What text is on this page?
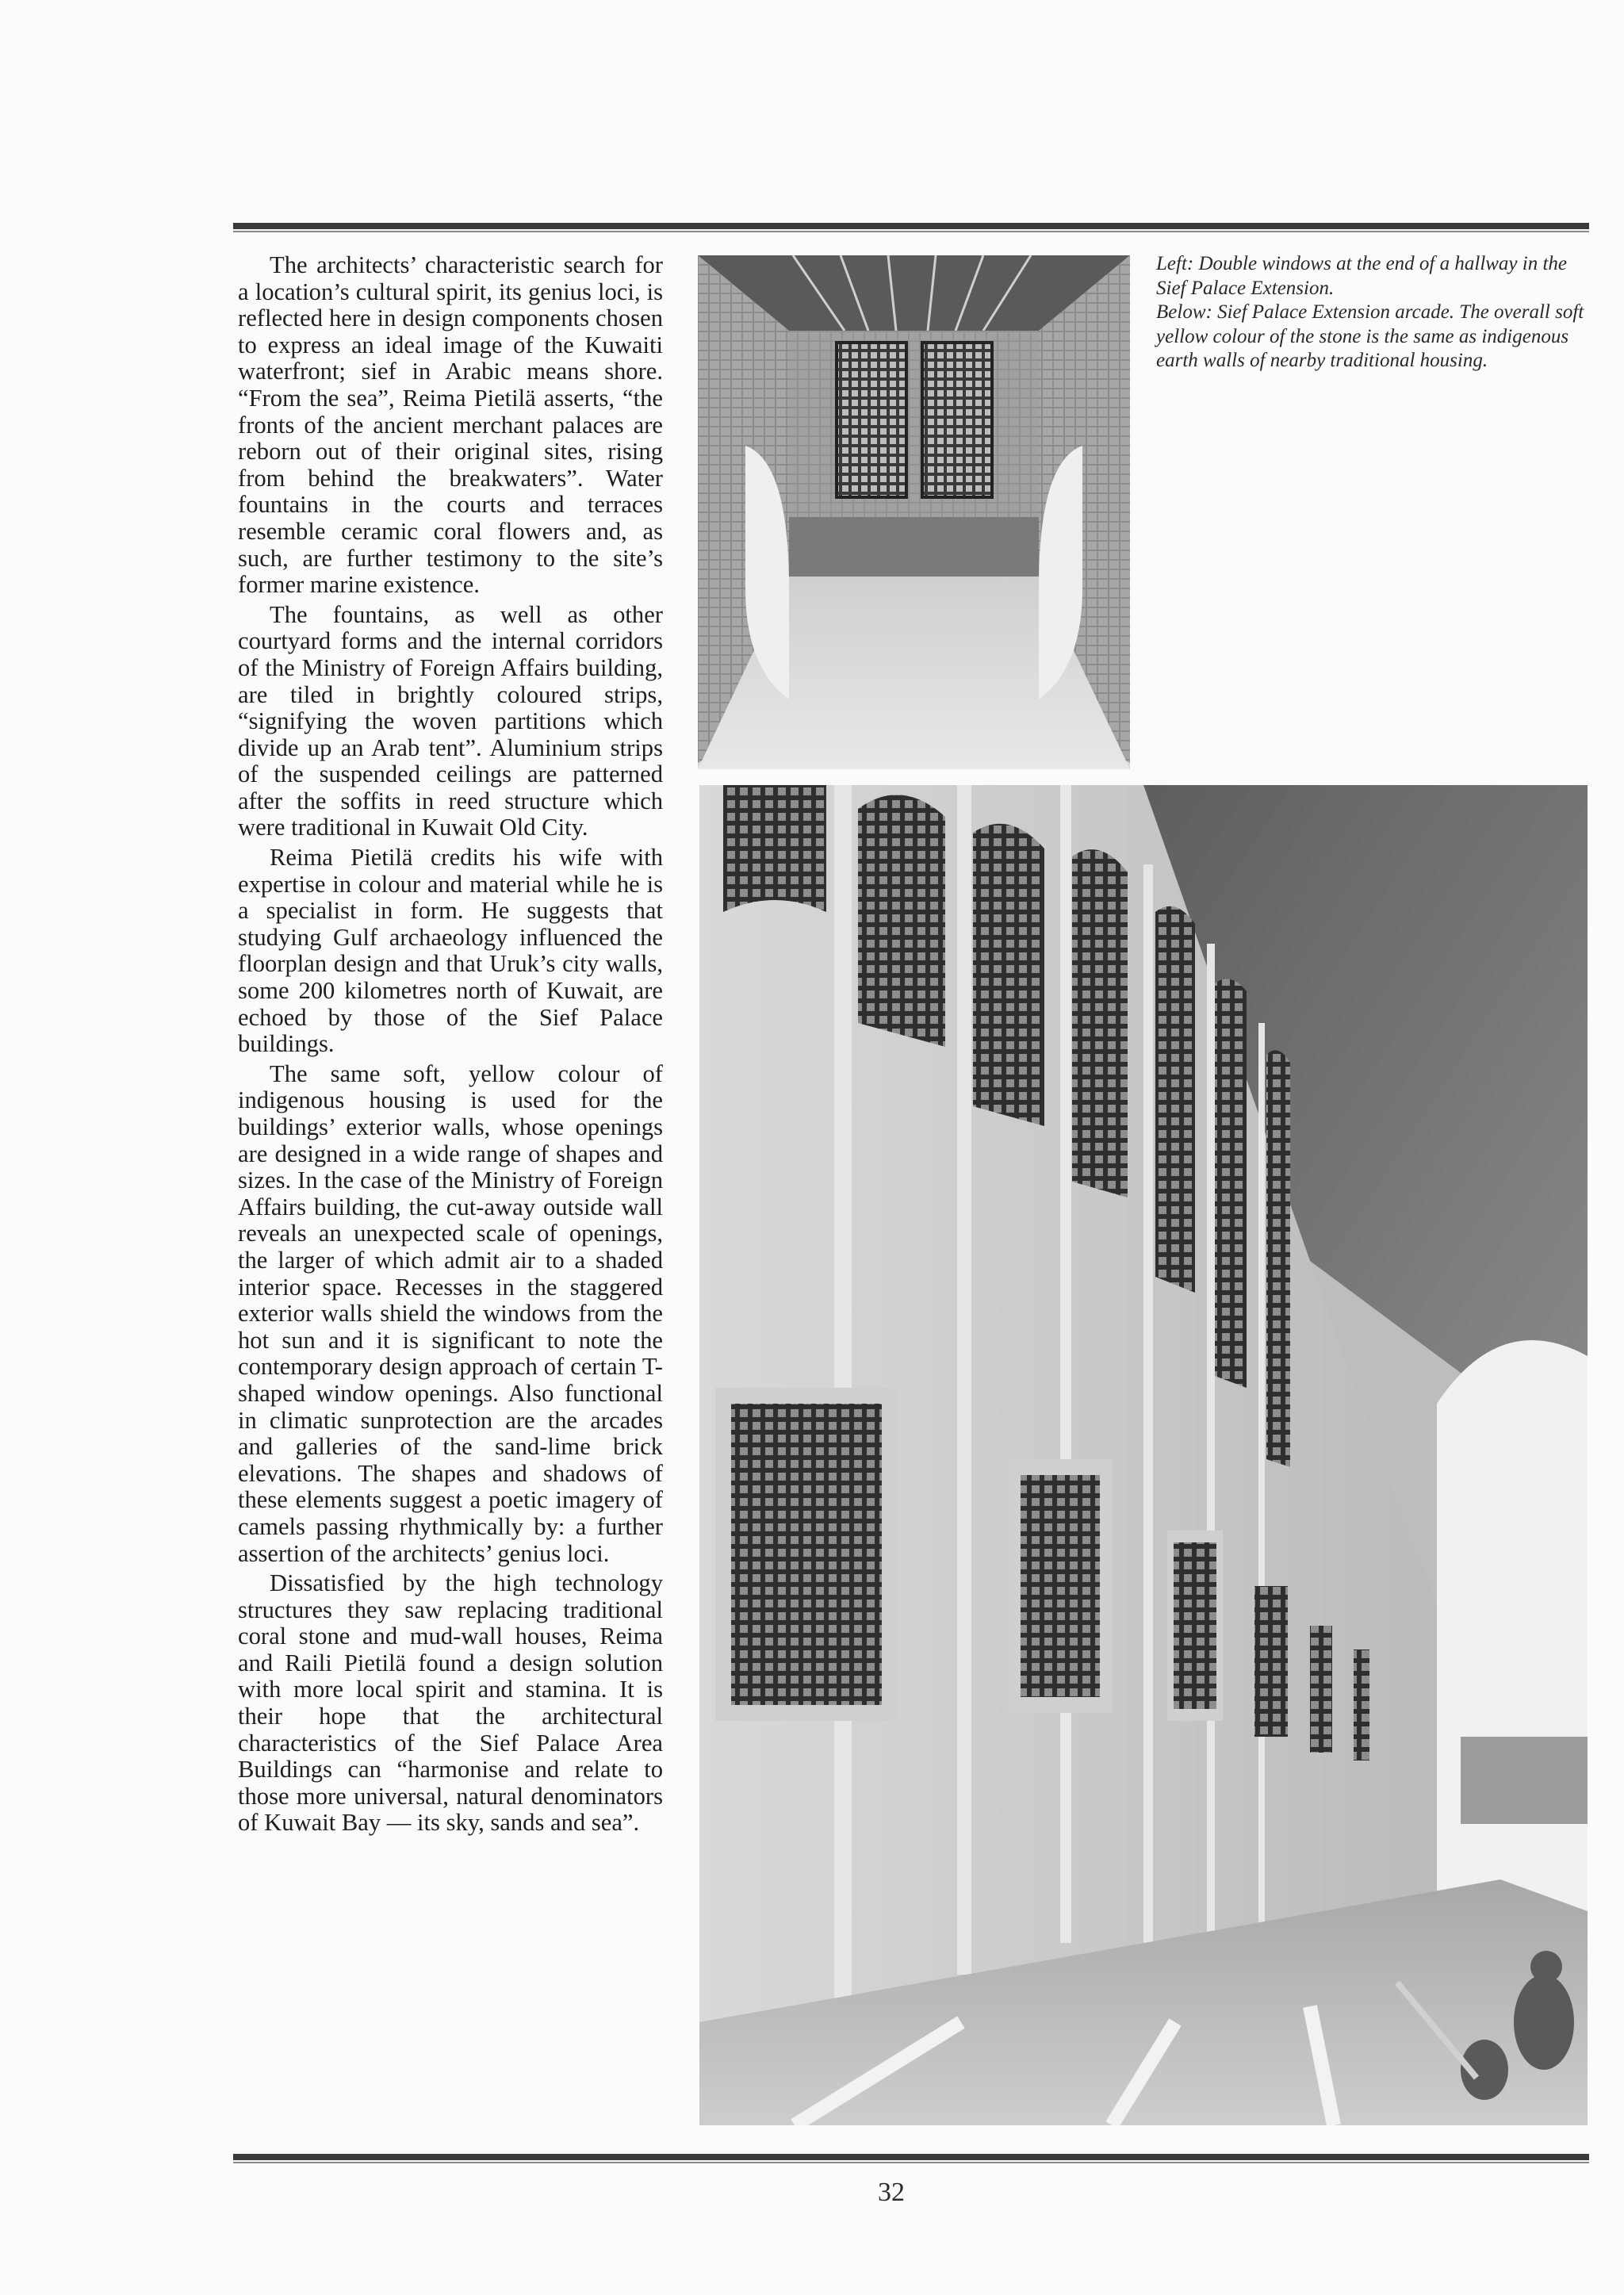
The architects’ characteristic search for a location’s cultural spirit, its genius loci, is reflected here in design components chosen to express an ideal image of the Kuwaiti waterfront; sief in Arabic means shore. “From the sea”, Reima Pietilä asserts, “the fronts of the ancient merchant palaces are reborn out of their original sites, rising from behind the breakwaters”. Water fountains in the courts and terraces resemble ceramic coral flowers and, as such, are further testimony to the site’s former marine existence.

The fountains, as well as other courtyard forms and the internal corridors of the Ministry of Foreign Affairs building, are tiled in brightly coloured strips, “signifying the woven partitions which divide up an Arab tent”. Aluminium strips of the suspended ceilings are patterned after the soffits in reed structure which were traditional in Kuwait Old City.

Reima Pietilä credits his wife with expertise in colour and material while he is a specialist in form. He suggests that studying Gulf archaeology influenced the floorplan design and that Uruk’s city walls, some 200 kilometres north of Kuwait, are echoed by those of the Sief Palace buildings.

The same soft, yellow colour of indigenous housing is used for the buildings’ exterior walls, whose openings are designed in a wide range of shapes and sizes. In the case of the Ministry of Foreign Affairs building, the cut-away outside wall reveals an unexpected scale of openings, the larger of which admit air to a shaded interior space. Recesses in the staggered exterior walls shield the windows from the hot sun and it is significant to note the contemporary design approach of certain T-shaped window openings. Also functional in climatic sunprotection are the arcades and galleries of the sand-lime brick elevations. The shapes and shadows of these elements suggest a poetic imagery of camels passing rhythmically by: a further assertion of the architects’ genius loci.

Dissatisfied by the high technology structures they saw replacing traditional coral stone and mud-wall houses, Reima and Raili Pietilä found a design solution with more local spirit and stamina. It is their hope that the architectural characteristics of the Sief Palace Area Buildings can “harmonise and relate to those more universal, natural denominators of Kuwait Bay — its sky, sands and sea”.

Left: Double windows at the end of a hallway in the Sief Palace Extension.

Below: Sief Palace Extension arcade. The overall soft yellow colour of the stone is the same as indigenous earth walls of nearby traditional housing.

32
